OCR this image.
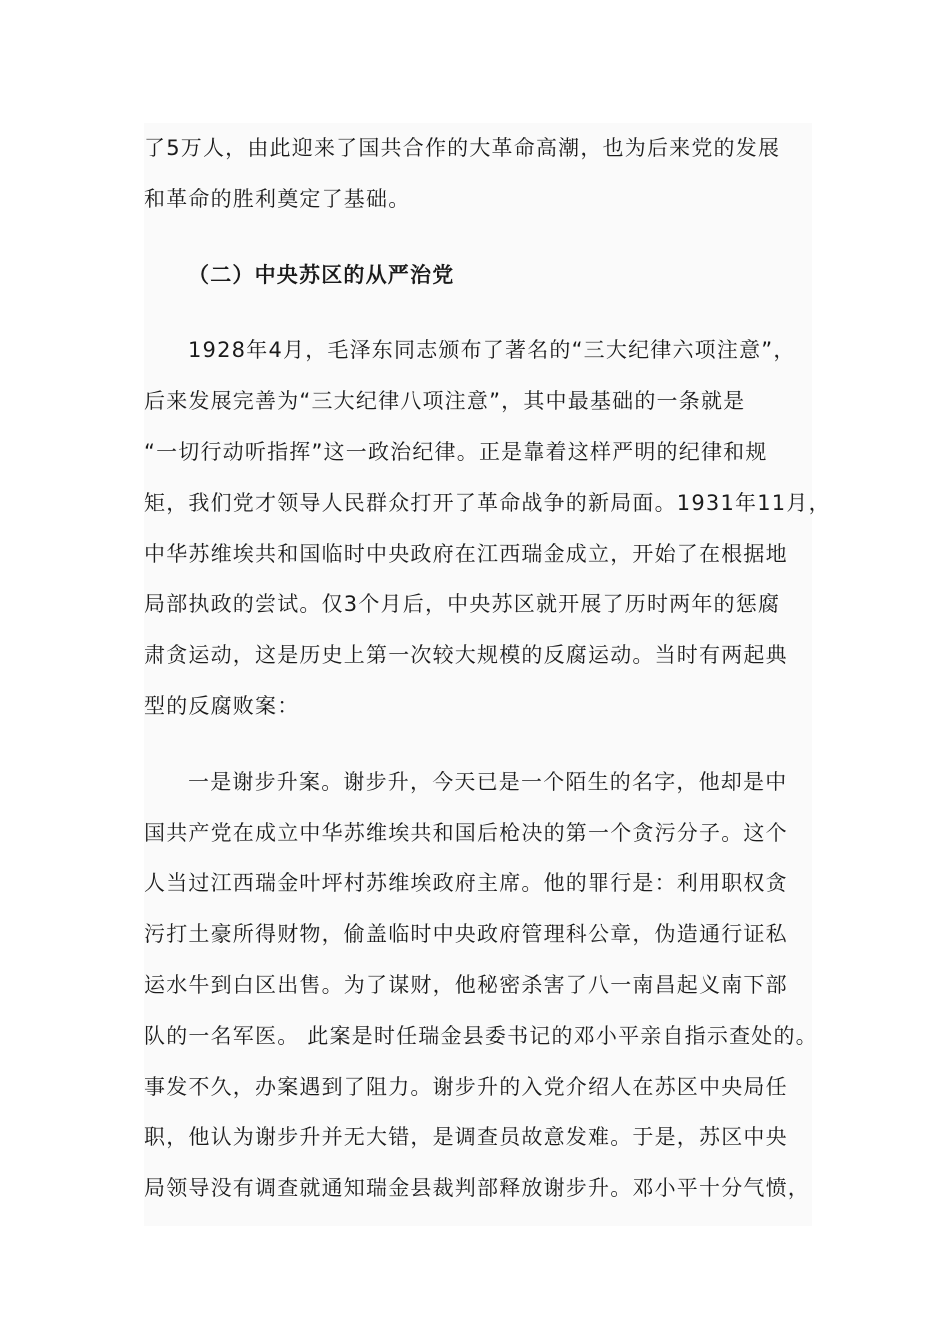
了5万人，由此迎来了国共合作的大革命高潮，也为后来党的发展
和革命的胜利奠定了基础。

（二）中央苏区的从严治党

1928年4月，毛泽东同志颁布了著名的“三大纪律六项注意”，
后来发展完善为“三大纪律八项注意”，其中最基础的一条就是
“一切行动听指挥”这一政治纪律。正是靠着这样严明的纪律和规
矩，我们党才领导人民群众打开了革命战争的新局面。1931年11月，
中华苏维埃共和国临时中央政府在江西瑞金成立，开始了在根据地
局部执政的尝试。仅3个月后，中央苏区就开展了历时两年的惩腐
肃贪运动，这是历史上第一次较大规模的反腐运动。当时有两起典
型的反腐败案：

一是谢步升案。谢步升，今天已是一个陌生的名字，他却是中
国共产党在成立中华苏维埃共和国后枪决的第一个贪污分子。这个
人当过江西瑞金叶坪村苏维埃政府主席。他的罪行是：利用职权贪
污打土豪所得财物，偷盖临时中央政府管理科公章，伪造通行证私
运水牛到白区出售。为了谋财，他秘密杀害了八一南昌起义南下部
队的一名军医。 此案是时任瑞金县委书记的邓小平亲自指示查处的。
事发不久，办案遇到了阻力。谢步升的入党介绍人在苏区中央局任
职，他认为谢步升并无大错，是调查员故意发难。于是，苏区中央
局领导没有调查就通知瑞金县裁判部释放谢步升。邓小平十分气愤，
